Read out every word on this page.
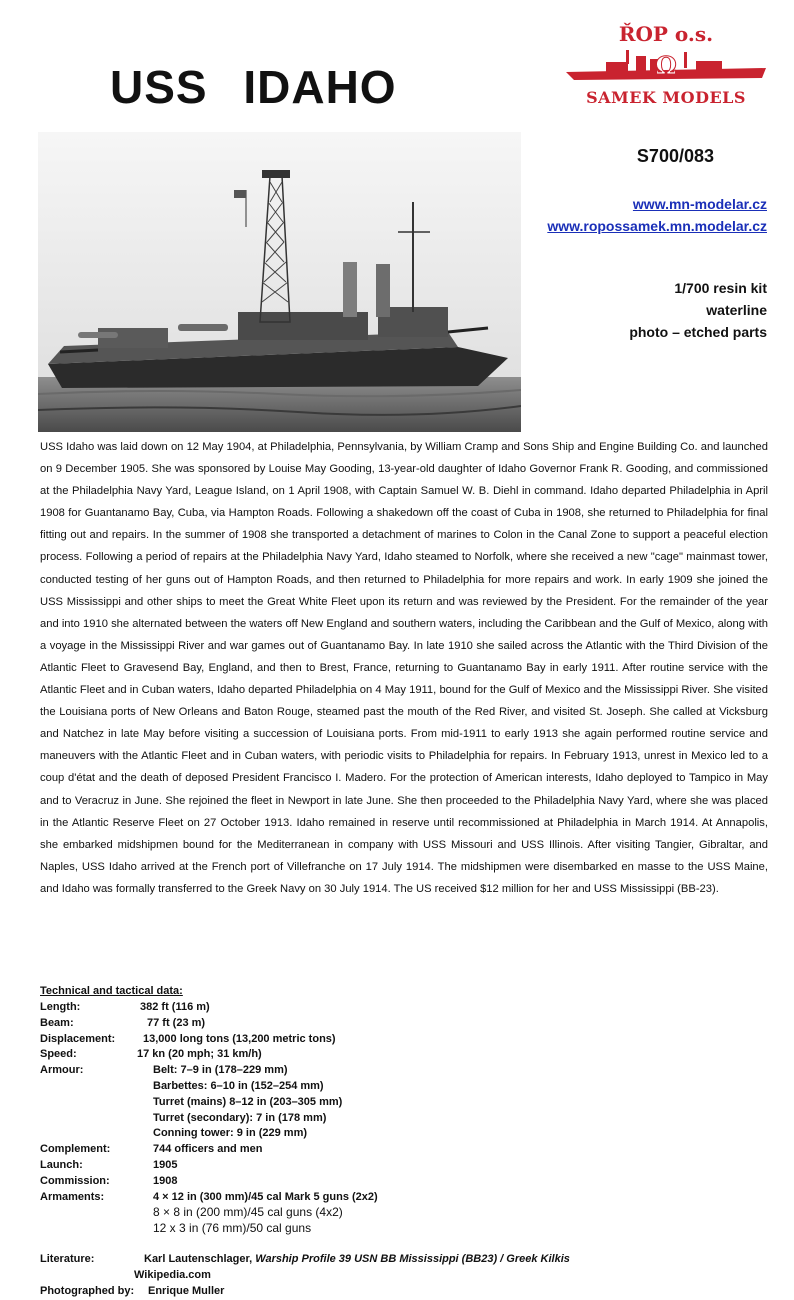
USS IDAHO
ŘOP o.s.
Ω
SAMEK MODELS
S700/083
www.mn-modelar.cz
www.ropossamek.mn.modelar.cz
1/700 resin kit
waterline
photo – etched parts

USS Idaho was laid down on 12 May 1904, at Philadelphia, Pennsylvania, by William Cramp and Sons Ship and Engine Building Co. and launched on 9 December 1905. She was sponsored by Louise May Gooding, 13-year-old daughter of Idaho Governor Frank R. Gooding, and commissioned at the Philadelphia Navy Yard, League Island, on 1 April 1908, with Captain Samuel W. B. Diehl in command. Idaho departed Philadelphia in April 1908 for Guantanamo Bay, Cuba, via Hampton Roads. Following a shakedown off the coast of Cuba in 1908, she returned to Philadelphia for final fitting out and repairs. In the summer of 1908 she transported a detachment of marines to Colon in the Canal Zone to support a peaceful election process. Following a period of repairs at the Philadelphia Navy Yard, Idaho steamed to Norfolk, where she received a new "cage" mainmast tower, conducted testing of her guns out of Hampton Roads, and then returned to Philadelphia for more repairs and work. In early 1909 she joined the USS Mississippi and other ships to meet the Great White Fleet upon its return and was reviewed by the President. For the remainder of the year and into 1910 she alternated between the waters off New England and southern waters, including the Caribbean and the Gulf of Mexico, along with a voyage in the Mississippi River and war games out of Guantanamo Bay. In late 1910 she sailed across the Atlantic with the Third Division of the Atlantic Fleet to Gravesend Bay, England, and then to Brest, France, returning to Guantanamo Bay in early 1911. After routine service with the Atlantic Fleet and in Cuban waters, Idaho departed Philadelphia on 4 May 1911, bound for the Gulf of Mexico and the Mississippi River. She visited the Louisiana ports of New Orleans and Baton Rouge, steamed past the mouth of the Red River, and visited St. Joseph. She called at Vicksburg and Natchez in late May before visiting a succession of Louisiana ports. From mid-1911 to early 1913 she again performed routine service and maneuvers with the Atlantic Fleet and in Cuban waters, with periodic visits to Philadelphia for repairs. In February 1913, unrest in Mexico led to a coup d'état and the death of deposed President Francisco I. Madero. For the protection of American interests, Idaho deployed to Tampico in May and to Veracruz in June. She rejoined the fleet in Newport in late June. She then proceeded to the Philadelphia Navy Yard, where she was placed in the Atlantic Reserve Fleet on 27 October 1913. Idaho remained in reserve until recommissioned at Philadelphia in March 1914. At Annapolis, she embarked midshipmen bound for the Mediterranean in company with USS Missouri and USS Illinois. After visiting Tangier, Gibraltar, and Naples, USS Idaho arrived at the French port of Villefranche on 17 July 1914. The midshipmen were disembarked en masse to the USS Maine, and Idaho was formally transferred to the Greek Navy on 30 July 1914. The US received $12 million for her and USS Mississippi (BB-23).

Technical and tactical data:
Length:	382 ft (116 m)
Beam:	77 ft (23 m)
Displacement:	13,000 long tons (13,200 metric tons)
Speed:	17 kn (20 mph; 31 km/h)
Armour:	Belt: 7–9 in (178–229 mm)
Barbettes: 6–10 in (152–254 mm)
Turret (mains) 8–12 in (203–305 mm)
Turret (secondary): 7 in (178 mm)
Conning tower: 9 in (229 mm)
Complement:	744 officers and men
Launch:	1905
Commission:	1908
Armaments:	4 × 12 in (300 mm)/45 cal Mark 5 guns (2x2)
8 × 8 in (200 mm)/45 cal guns (4x2)
12 x 3 in (76 mm)/50 cal guns
Literature:	Karl Lautenschlager, Warship Profile 39 USN BB Mississippi (BB23) / Greek Kilkis
Wikipedia.com
Photographed by: Enrique Muller
